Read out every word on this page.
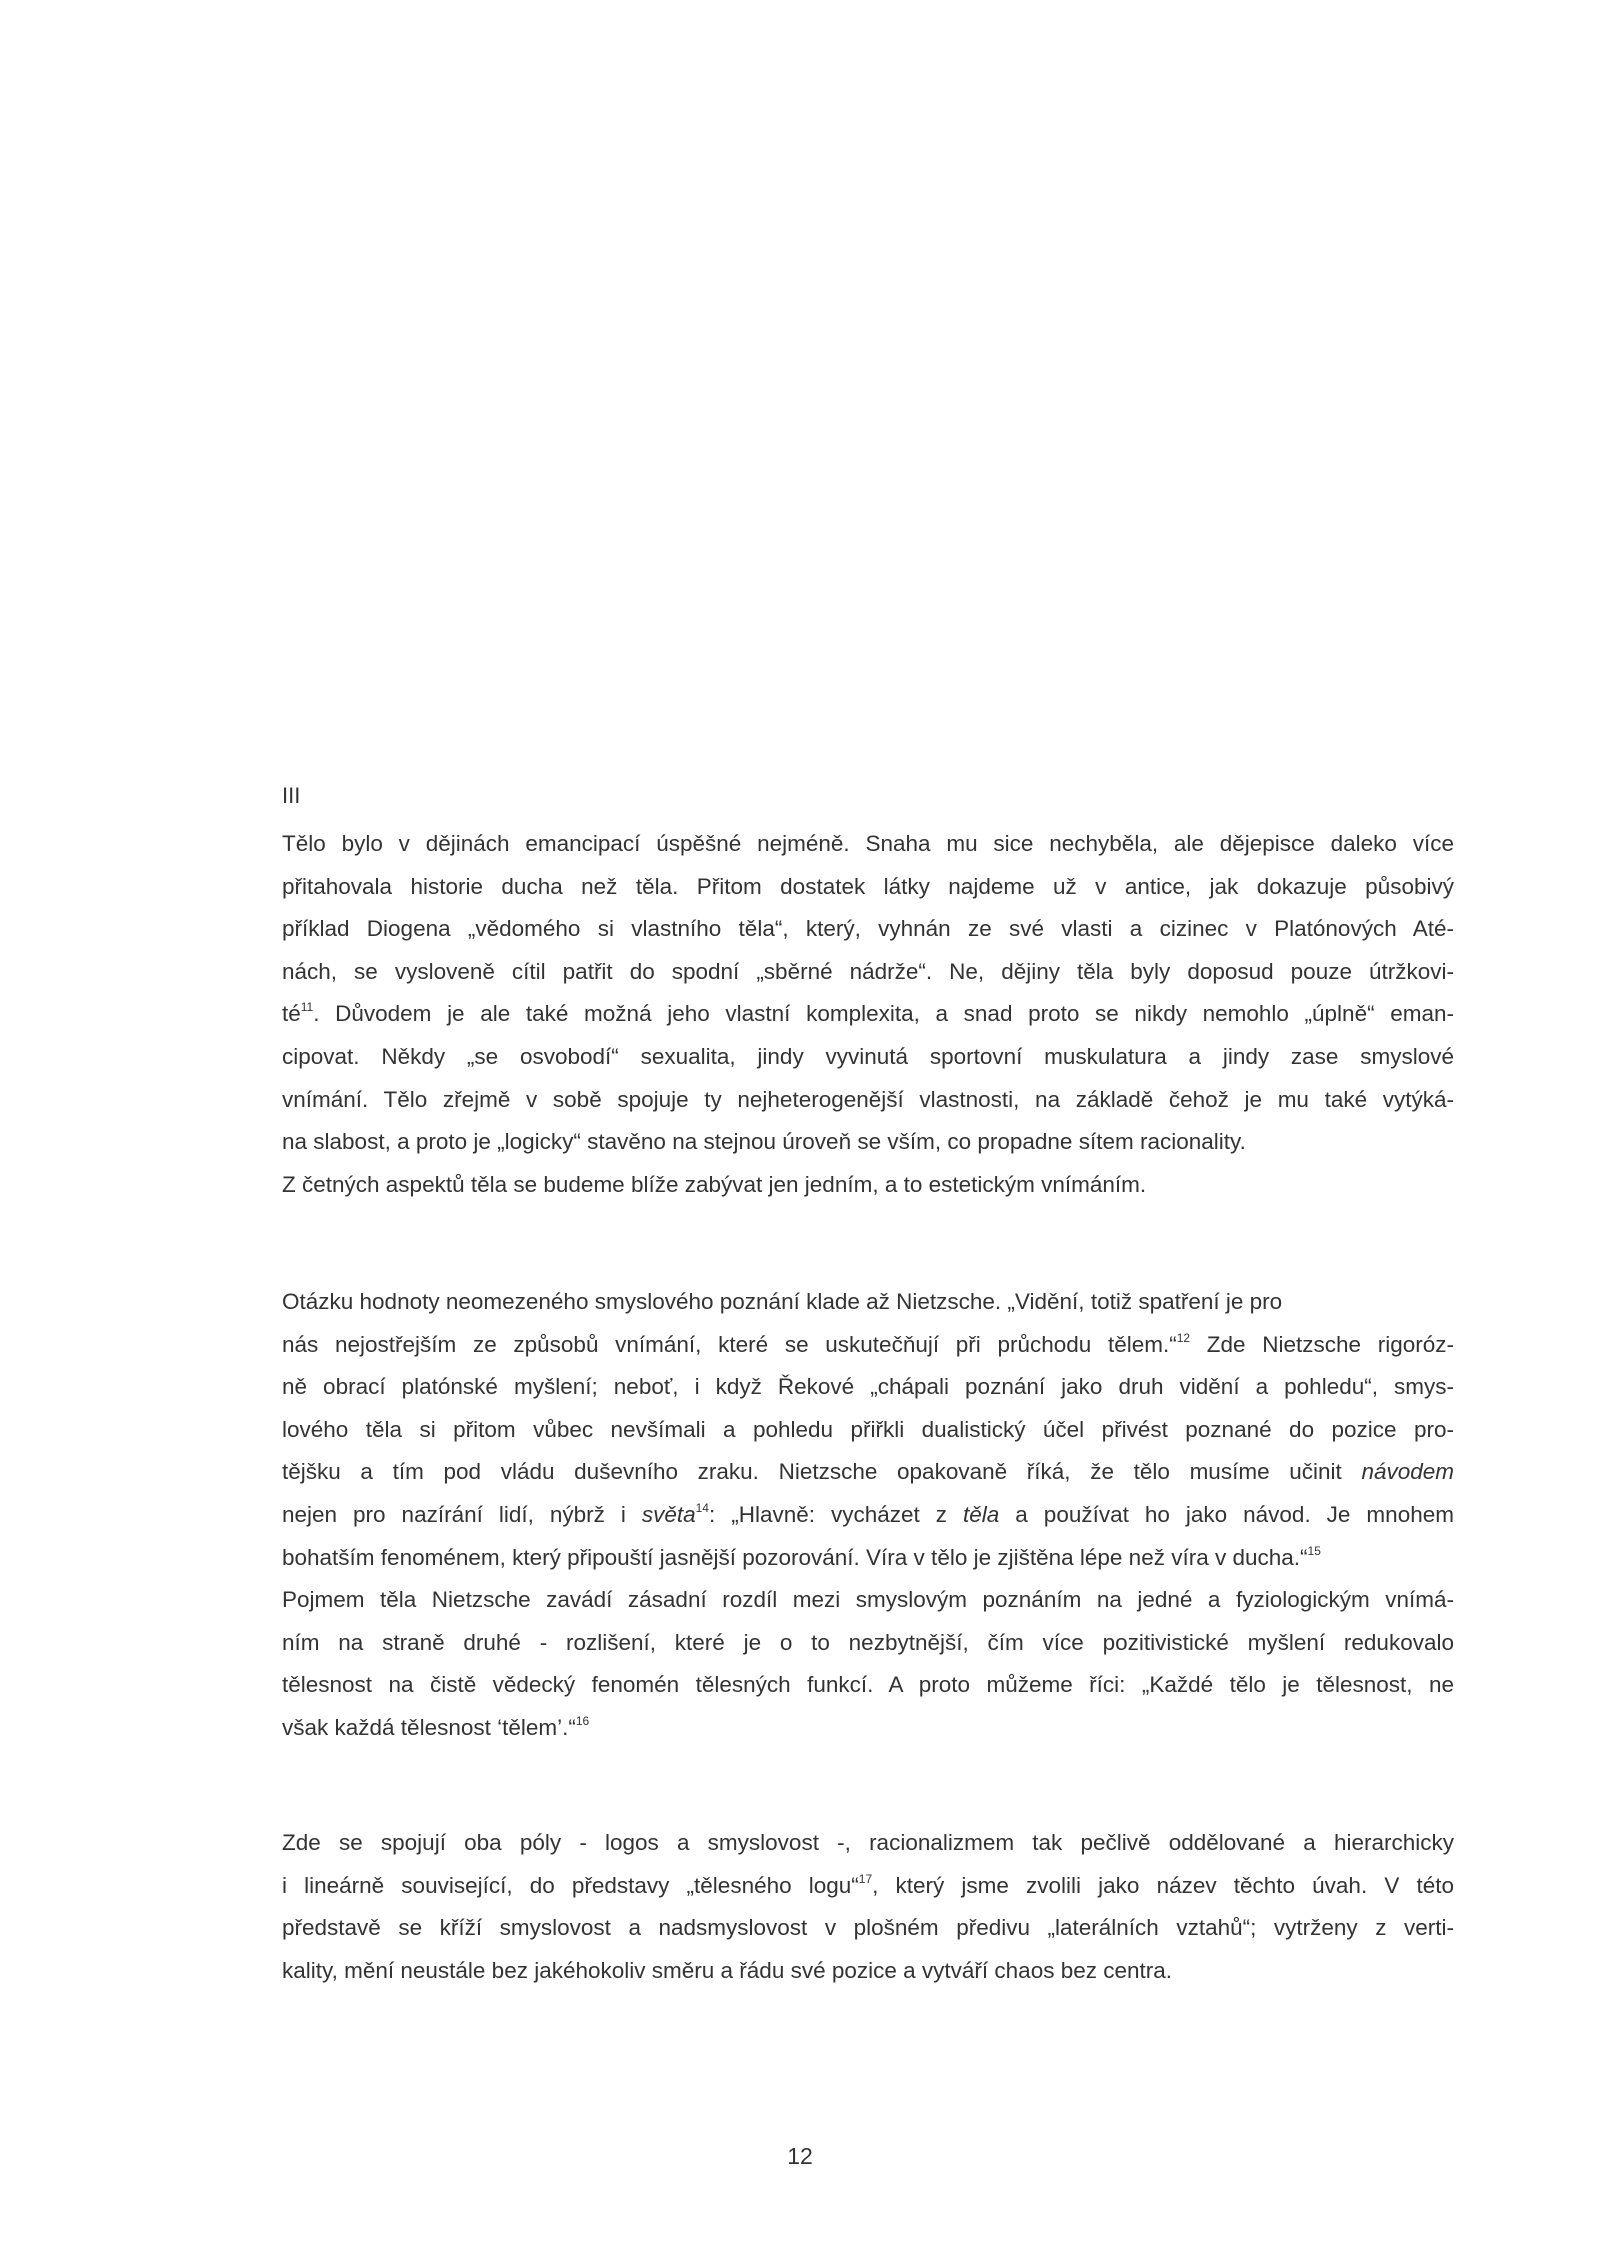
III
Tělo bylo v dějinách emancipací úspěšné nejméně. Snaha mu sice nechyběla, ale dějepisce daleko více
přitahovala historie ducha než těla. Přitom dostatek látky najdeme už v antice, jak dokazuje působivý
příklad Diogena „vědomého si vlastního těla“, který, vyhnán ze své vlasti a cizinec v Platónových Até-
nách, se vysloveně cítil patřit do spodní „sběrné nádrže“. Ne, dějiny těla byly doposud pouze útržkovi-
$té^{11}$. Důvodem je ale také možná jeho vlastní komplexita, a snad proto se nikdy nemohlo „úplně“ eman-
cipovat. Někdy „se osvobodí“ sexualita, jindy vyvinutá sportovní muskulatura a jindy zase smyslové
vnímání. Tělo zřejmě v sobě spojuje ty nejheterogenější vlastnosti, na základě čehož je mu také vytýká-
na slabost, a proto je „logicky“ stavěno na stejnou úroveň se vším, co propadne sítem racionality.
Z četných aspektů těla se budeme blíže zabývat jen jedním, a to estetickým vnímáním.
Otázku hodnoty neomezeného smyslového poznání klade až Nietzsche. „Vidění, totiž spatření je pro
nás nejostřejším ze způsobů vnímání, které se uskutečňují při průchodu tělem.“$^{12}$ Zde Nietzsche rigoróz-
ně obrací platónské myšlení; neboť, i když Řekové „chápali poznání jako druh vidění a pohledu“, smys-
lového těla si přitom vůbec nevšímali a pohledu přiřkli dualistický účel přivést poznané do pozice pro-
tějšku a tím pod vládu duševního zraku. Nietzsche opakovaně říká, že tělo musíme učinit návodem
nejen pro nazírání lidí, nýbrž i světa$^{14}$: „Hlavně: vycházet z těla a používat ho jako návod. Je mnohem
bohatším fenoménem, který připouští jasnější pozorování. Víra v tělo je zjištěna lépe než víra v ducha.“$^{15}$
Pojmem těla Nietzsche zavádí zásadní rozdíl mezi smyslovým poznáním na jedné a fyziologickým vnímá-
ním na straně druhé - rozlišení, které je o to nezbytnější, čím více pozitivistické myšlení redukovalo
tělesnost na čistě vědecký fenomén tělesných funkcí. A proto můžeme říci: „Každé tělo je tělesnost, ne
však každá tělesnost ‘tělem’.“$^{16}$
Zde se spojují oba póly - logos a smyslovost -, racionalizmem tak pečlivě oddělované a hierarchicky
i lineárně související, do představy „tělesného logu“$^{17}$, který jsme zvolili jako název těchto úvah. V této
představě se kříží smyslovost a nadsmyslovost v plošném předivu „laterálních vztahů“; vytrženy z verti-
kality, mění neustále bez jakéhokoliv směru a řádu své pozice a vytváří chaos bez centra.
12
